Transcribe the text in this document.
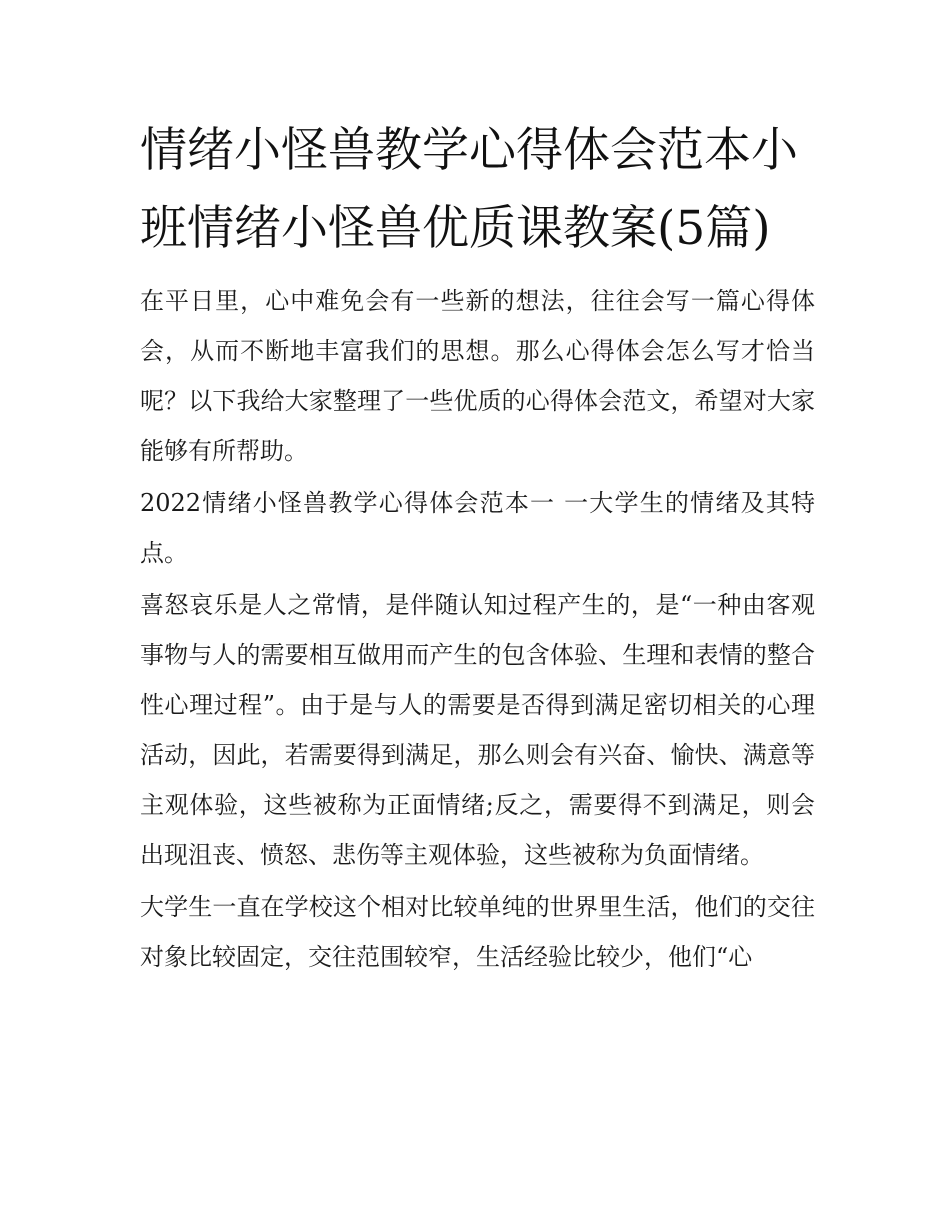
情绪小怪兽教学心得体会范本小班情绪小怪兽优质课教案(5篇)

在平日里，心中难免会有一些新的想法，往往会写一篇心得体会，从而不断地丰富我们的思想。那么心得体会怎么写才恰当呢？以下我给大家整理了一些优质的心得体会范文，希望对大家能够有所帮助。

2022情绪小怪兽教学心得体会范本一 一大学生的情绪及其特点。

喜怒哀乐是人之常情，是伴随认知过程产生的，是“一种由客观事物与人的需要相互做用而产生的包含体验、生理和表情的整合性心理过程”。由于是与人的需要是否得到满足密切相关的心理活动，因此，若需要得到满足，那么则会有兴奋、愉快、满意等主观体验，这些被称为正面情绪;反之，需要得不到满足，则会出现沮丧、愤怒、悲伤等主观体验，这些被称为负面情绪。

大学生一直在学校这个相对比较单纯的世界里生活，他们的交往对象比较固定，交往范围较窄，生活经验比较少，他们“心
